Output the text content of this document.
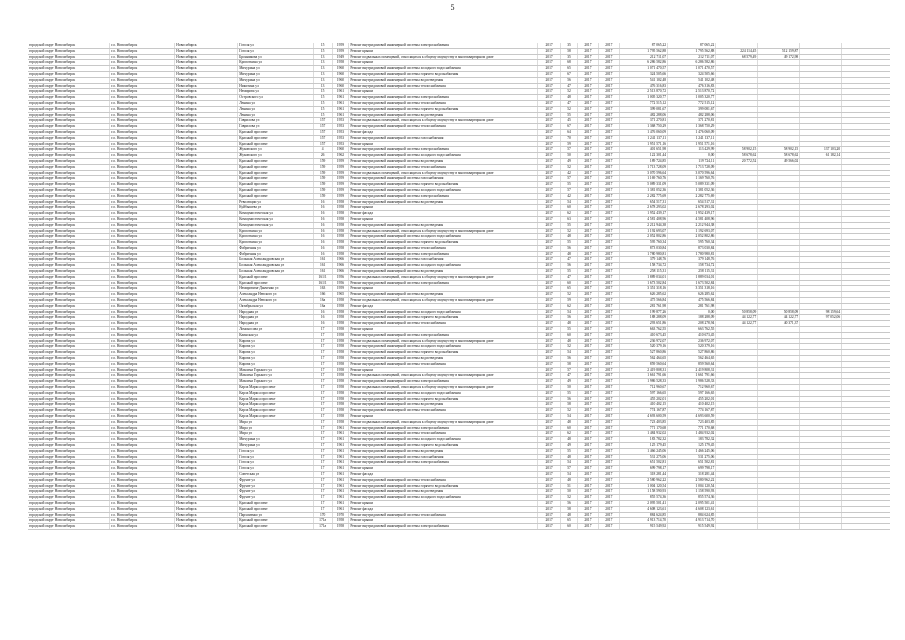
5
городской округ Новосибирск	г.о. Новосибирск	Новосибирск	Гоголя ул	15	1959	Ремонт внутридомовой инженерной системы электроснабжения	2017	35	2017	2017	87 065,22	87 065,22				
городской округ Новосибирск	г.о. Новосибирск	Новосибирск	Гоголя ул	15	1959	Ремонт крыши	2017	58	2017	2017	1 795 562,88	1 795 562,88	224 114,45	512 159,87		
городской округ Новосибирск	г.о. Новосибирск	Новосибирск	Бронникова ул	13	1949	Ремонт подвальных помещений, относящихся к общему имуществу в многоквартирном доме	2017	35	2017	2017	212 711,07	212 711,07	68 579,49	49 172,98		
городской округ Новосибирск	г.о. Новосибирск	Новосибирск	Кропоткина ул	13	1958	Ремонт крыши	2017	68	2017	2017	6 286 582,86	6 286 582,86				
городской округ Новосибирск	г.о. Новосибирск	Новосибирск	Мичурина ул	13	1960	Ремонт внутридомовой инженерной системы холодного водоснабжения	2017	65	2017	2017	1 071 470,57	1 071 470,57				
городской округ Новосибирск	г.о. Новосибирск	Новосибирск	Мичурина ул	13	1960	Ремонт внутридомовой инженерной системы горячего водоснабжения	2017	67	2017	2017	324 505,66	324 505,66				
городской округ Новосибирск	г.о. Новосибирск	Новосибирск	Мичурина ул	13	1960	Ремонт внутридомовой инженерной системы водоотведения	2017	56	2017	2017	541 102,48	541 102,48				
городской округ Новосибирск	г.о. Новосибирск	Новосибирск	Никитина ул	13	1960	Ремонт внутридомовой инженерной системы теплоснабжения	2017	47	2017	2017	476 316,83	476 316,83				
городской округ Новосибирск	г.о. Новосибирск	Новосибирск	Немирова ул	15	1961	Ремонт крыши	2017	52	2017	2017	2 513 870,72	2 513 870,72				
городской округ Новосибирск	г.о. Новосибирск	Новосибирск	Островского ул	15	1961	Ремонт внутридомовой инженерной системы электроснабжения	2017	48	2017	2017	1 005 320,77	1 005 320,77				
городской округ Новосибирск	г.о. Новосибирск	Новосибирск	Ленина ул	15	1961	Ремонт внутридомовой инженерной системы теплоснабжения	2017	47	2017	2017	772 515,12	772 515,12				
городской округ Новосибирск	г.о. Новосибирск	Новосибирск	Ленина ул	15	1961	Ремонт внутридомовой инженерной системы горячего водоснабжения	2017	52	2017	2017	399 081,67	399 081,67				
городской округ Новосибирск	г.о. Новосибирск	Новосибирск	Ленина ул	15	1961	Ремонт внутридомовой инженерной системы водоотведения	2017	55	2017	2017	482 288,06	482 288,06				
городской округ Новосибирск	г.о. Новосибирск	Новосибирск	Гаврилова ул	157	1953	Ремонт подвальных помещений, относящихся к общему имуществу в многоквартирном доме	2017	45	2017	2017	371 270,81	371 270,81				
городской округ Новосибирск	г.о. Новосибирск	Новосибирск	Гаврилова ул	157	1953	Ремонт внутридомовой инженерной системы теплоснабжения	2017	67	2017	2017	1 368 750,29	1 368 750,29				
городской округ Новосибирск	г.о. Новосибирск	Новосибирск	Красный проспект	157	1953	Ремонт фасада	2017	64	2017	2017	1 476 060,09	1 476 060,09				
городской округ Новосибирск	г.о. Новосибирск	Новосибирск	Красный проспект	157	1953	Ремонт внутридомовой инженерной системы газоснабжения	2017	70	2017	2017	1 241 137,11	1 241 137,11				
городской округ Новосибирск	г.о. Новосибирск	Новосибирск	Красный проспект	157	1953	Ремонт крыши	2017	59	2017	2017	1 951 571,16	1 951 571,16				
городской округ Новосибирск	г.о. Новосибирск	Новосибирск	Жуковского ул	4	1960	Ремонт внутридомовой инженерной системы электроснабжения	2017	57	2017	2017	401 651,98	113 429,99	58 902,15	58 902,15	137 103,20	
городской округ Новосибирск	г.о. Новосибирск	Новосибирск	Жуковского ул	26	1962	Ремонт внутридомовой инженерной системы холодного водоснабжения	2017	50	2017	2017	122 301,44	0,00	58 678,62	58 678,62	61 182,14	
городской округ Новосибирск	г.о. Новосибирск	Новосибирск	Красный проспект	159	1959	Ремонт внутридомовой инженерной системы водоотведения	2017	49	2017	2017	189 724,85	119 724,11	20 772,52	49 566,02		
городской округ Новосибирск	г.о. Новосибирск	Новосибирск	Красный проспект	159	1959	Ремонт внутридомовой инженерной системы теплоснабжения	2017	52	2017	2017	1 713 728,09	1 713 728,09				
городской округ Новосибирск	г.о. Новосибирск	Новосибирск	Красный проспект	159	1959	Ремонт подвальных помещений, относящихся к общему имуществу в многоквартирном доме	2017	42	2017	2017	3 070 596,64	3 070 596,64				
городской округ Новосибирск	г.о. Новосибирск	Новосибирск	Красный проспект	159	1959	Ремонт внутридомовой инженерной системы газоснабжения	2017	57	2017	2017	1 169 760,76	1 169 760,76				
городской округ Новосибирск	г.о. Новосибирск	Новосибирск	Красный проспект	159	1959	Ремонт внутридомовой инженерной системы горячего водоснабжения	2017	55	2017	2017	5 089 331,09	5 089 331,09				
городской округ Новосибирск	г.о. Новосибирск	Новосибирск	Красный проспект	159	1959	Ремонт внутридомовой инженерной системы холодного водоснабжения	2017	57	2017	2017	1 381 052,36	1 381 052,36				
городской округ Новосибирск	г.о. Новосибирск	Новосибирск	Красный проспект	159	1959	Ремонт внутридомовой инженерной системы электроснабжения	2017	42	2017	2017	2 282 775,69	2 282 775,69				
городской округ Новосибирск	г.о. Новосибирск	Новосибирск	Революции ул	16	1958	Ремонт внутридомовой инженерной системы водоотведения	2017	54	2017	2017	654 517,31	654 517,31				
городской округ Новосибирск	г.о. Новосибирск	Новосибирск	Куйбышева ул	16	1958	Ремонт крыши	2017	60	2017	2017	2 678 293,02	2 678 293,02				
городской округ Новосибирск	г.о. Новосибирск	Новосибирск	Коммунистическая ул	16	1958	Ремонт фасада	2017	62	2017	2017	1 952 439,17	1 952 439,17				
городской округ Новосибирск	г.о. Новосибирск	Новосибирск	Коммунистическая ул	16	1958	Ремонт крыши	2017	63	2017	2017	4 581 408,96	4 581 408,96				
городской округ Новосибирск	г.о. Новосибирск	Новосибирск	Коммунистическая ул	16	1958	Ремонт внутридомовой инженерной системы водоотведения	2017	55	2017	2017	2 212 944,38	2 212 944,38				
городской округ Новосибирск	г.о. Новосибирск	Новосибирск	Кропоткина ул	16	1958	Ремонт подвальных помещений, относящихся к общему имуществу в многоквартирном доме	2017	52	2017	2017	1 192 693,07	1 192 693,07				
городской округ Новосибирск	г.о. Новосибирск	Новосибирск	Кропоткина ул	16	1958	Ремонт внутридомовой инженерной системы холодного водоснабжения	2017	48	2017	2017	2 052 802,86	2 052 802,86				
городской округ Новосибирск	г.о. Новосибирск	Новосибирск	Кропоткина ул	16	1958	Ремонт внутридомовой инженерной системы горячего водоснабжения	2017	55	2017	2017	595 760,34	595 760,34				
городской округ Новосибирск	г.о. Новосибирск	Новосибирск	Фабричная ул	16	1958	Ремонт внутридомовой инженерной системы теплоснабжения	2017	56	2017	2017	873 030,84	873 030,84				
городской округ Новосибирск	г.о. Новосибирск	Новосибирск	Фабричная ул	16	1958	Ремонт внутридомовой инженерной системы электроснабжения	2017	48	2017	2017	1 780 980,81	1 780 980,81				
городской округ Новосибирск	г.о. Новосибирск	Новосибирск	Большая Александровская ул	161	1966	Ремонт внутридомовой инженерной системы газоснабжения	2017	47	2017	2017	379 148,76	379 148,76				
городской округ Новосибирск	г.о. Новосибирск	Новосибирск	Большая Александровская ул	161	1966	Ремонт внутридомовой инженерной системы холодного водоснабжения	2017	56	2017	2017	158 734,72	158 734,72				
городской округ Новосибирск	г.о. Новосибирск	Новосибирск	Большая Александровская ул	161	1966	Ремонт внутридомовой инженерной системы водоотведения	2017	55	2017	2017	258 115,31	258 115,31				
городской округ Новосибирск	г.о. Новосибирск	Новосибирск	Красный проспект	161/1	1956	Ремонт подвальных помещений, относящихся к общему имуществу в многоквартирном доме	2017	47	2017	2017	1 889 034,01	1 889 034,01				
городской округ Новосибирск	г.о. Новосибирск	Новосибирск	Красный проспект	161/1	1956	Ремонт внутридомовой инженерной системы электроснабжения	2017	60	2017	2017	1 673 502,84	1 673 502,84				
городской округ Новосибирск	г.о. Новосибирск	Новосибирск	Немировича-Данченко ул	163	1959	Ремонт крыши	2017	65	2017	2017	3 351 318,16	3 351 318,16				
городской округ Новосибирск	г.о. Новосибирск	Новосибирск	Александра Невского ул	166	1965	Ремонт внутридомовой инженерной системы водоотведения	2017	52	2017	2017	626 285,62	626 285,62				
городской округ Новосибирск	г.о. Новосибирск	Новосибирск	Александра Невского ул	16а	1958	Ремонт подвальных помещений, относящихся к общему имуществу в многоквартирном доме	2017	59	2017	2017	475 566,84	475 566,84				
городской округ Новосибирск	г.о. Новосибирск	Новосибирск	Октябрьская ул	16а	1958	Ремонт фасада	2017	62	2017	2017	281 761,98	281 761,98				
городской округ Новосибирск	г.о. Новосибирск	Новосибирск	Народная ул	16	1958	Ремонт внутридомовой инженерной системы холодного водоснабжения	2017	54	2017	2017	199 877,26	0,00	50 858,09	50 858,09	98 159,64	
городской округ Новосибирск	г.о. Новосибирск	Новосибирск	Народная ул	16	1958	Ремонт внутридомовой инженерной системы горячего водоснабжения	2017	56	2017	2017	188 288,09	188 288,09	44 122,77	44 122,77	97 052,06	
городской округ Новосибирск	г.о. Новосибирск	Новосибирск	Народная ул	16	1958	Ремонт внутридомовой инженерной системы теплоснабжения	2017	48	2017	2017	293 651,86	208 278,94	44 122,77	40 371,37		
городской округ Новосибирск	г.о. Новосибирск	Новосибирск	Ломоносова ул	17	1958	Ремонт крыши	2017	55	2017	2017	663 762,55	663 762,55				
городской округ Новосибирск	г.о. Новосибирск	Новосибирск	Каинская ул	17	1958	Ремонт внутридомовой инженерной системы электроснабжения	2017	60	2017	2017	410 673,45	410 673,45				
городской округ Новосибирск	г.о. Новосибирск	Новосибирск	Кирова ул	17	1958	Ремонт подвальных помещений, относящихся к общему имуществу в многоквартирном доме	2017	48	2017	2017	236 972,07	236 972,07				
городской округ Новосибирск	г.о. Новосибирск	Новосибирск	Кирова ул	17	1958	Ремонт внутридомовой инженерной системы холодного водоснабжения	2017	52	2017	2017	520 379,16	520 379,16				
городской округ Новосибирск	г.о. Новосибирск	Новосибирск	Кирова ул	17	1958	Ремонт внутридомовой инженерной системы горячего водоснабжения	2017	54	2017	2017	527 860,86	527 860,86				
городской округ Новосибирск	г.о. Новосибирск	Новосибирск	Кирова ул	17	1958	Ремонт внутридомовой инженерной системы водоотведения	2017	56	2017	2017	562 464,65	562 464,65				
городской округ Новосибирск	г.о. Новосибирск	Новосибирск	Кирова ул	17	1958	Ремонт внутридомовой инженерной системы теплоснабжения	2017	58	2017	2017	859 560,64	859 560,64				
городской округ Новосибирск	г.о. Новосибирск	Новосибирск	Максима Горького ул	17	1958	Ремонт крыши	2017	57	2017	2017	2 419 808,31	2 419 808,31				
городской округ Новосибирск	г.о. Новосибирск	Новосибирск	Максима Горького ул	17	1958	Ремонт подвальных помещений, относящихся к общему имуществу в многоквартирном доме	2017	47	2017	2017	1 661 791,66	1 661 791,66				
городской округ Новосибирск	г.о. Новосибирск	Новосибирск	Максима Горького ул	17	1958	Ремонт внутридомовой инженерной системы электроснабжения	2017	49	2017	2017	1 986 528,33	1 986 528,33				
городской округ Новосибирск	г.о. Новосибирск	Новосибирск	Карла Маркса проспект	17	1958	Ремонт подвальных помещений, относящихся к общему имуществу в многоквартирном доме	2017	50	2017	2017	712 960,67	712 960,67				
городской округ Новосибирск	г.о. Новосибирск	Новосибирск	Карла Маркса проспект	17	1958	Ремонт внутридомовой инженерной системы холодного водоснабжения	2017	55	2017	2017	597 166,65	597 166,65				
городской округ Новосибирск	г.о. Новосибирск	Новосибирск	Карла Маркса проспект	17	1958	Ремонт внутридомовой инженерной системы горячего водоснабжения	2017	56	2017	2017	455 202,01	455 202,01				
городской округ Новосибирск	г.о. Новосибирск	Новосибирск	Карла Маркса проспект	17	1958	Ремонт внутридомовой инженерной системы водоотведения	2017	58	2017	2017	410 402,15	410 402,15				
городской округ Новосибирск	г.о. Новосибирск	Новосибирск	Карла Маркса проспект	17	1958	Ремонт внутридомовой инженерной системы теплоснабжения	2017	52	2017	2017	774 167,87	774 167,87				
городской округ Новосибирск	г.о. Новосибирск	Новосибирск	Карла Маркса проспект	17	1958	Ремонт крыши	2017	54	2017	2017	4 693 600,59	4 693 600,59				
городской округ Новосибирск	г.о. Новосибирск	Новосибирск	Мира ул	17	1958	Ремонт подвальных помещений, относящихся к общему имуществу в многоквартирном доме	2017	48	2017	2017	723 403,85	723 403,85				
городской округ Новосибирск	г.о. Новосибирск	Новосибирск	Мира ул	17	1961	Ремонт внутридомовой инженерной системы электроснабжения	2017	60	2017	2017	771 170,68	771 170,68				
городской округ Новосибирск	г.о. Новосибирск	Новосибирск	Мира ул	17	1961	Ремонт внутридомовой инженерной системы теплоснабжения	2017	62	2017	2017	1 484 932,02	1 484 932,02				
городской округ Новосибирск	г.о. Новосибирск	Новосибирск	Мичурина ул	17	1961	Ремонт внутридомовой инженерной системы холодного водоснабжения	2017	48	2017	2017	183 782,32	183 782,32				
городской округ Новосибирск	г.о. Новосибирск	Новосибирск	Мичурина ул	17	1961	Ремонт внутридомовой инженерной системы горячего водоснабжения	2017	49	2017	2017	125 179,45	125 179,45				
городской округ Новосибирск	г.о. Новосибирск	Новосибирск	Гоголя ул	17	1961	Ремонт внутридомовой инженерной системы водоотведения	2017	55	2017	2017	1 466 245,06	1 466 245,06				
городской округ Новосибирск	г.о. Новосибирск	Новосибирск	Гоголя ул	17	1961	Ремонт внутридомовой инженерной системы газоснабжения	2017	48	2017	2017	531 275,06	531 275,06				
городской округ Новосибирск	г.о. Новосибирск	Новосибирск	Гоголя ул	17	1961	Ремонт внутридомовой инженерной системы электроснабжения	2017	54	2017	2017	651 502,81	651 502,81				
городской округ Новосибирск	г.о. Новосибирск	Новосибирск	Гоголя ул	17	1961	Ремонт крыши	2017	57	2017	2017	699 798,17	699 798,17				
городской округ Новосибирск	г.о. Новосибирск	Новосибирск	Советская ул	17	1961	Ремонт фасада	2017	54	2017	2017	318 281,44	318 281,44				
городской округ Новосибирск	г.о. Новосибирск	Новосибирск	Фрунзе ул	17	1961	Ремонт внутридомовой инженерной системы теплоснабжения	2017	48	2017	2017	2 580 962,22	2 580 962,22				
городской округ Новосибирск	г.о. Новосибирск	Новосибирск	Фрунзе ул	17	1961	Ремонт внутридомовой инженерной системы горячего водоснабжения	2017	51	2017	2017	1 004 120,54	1 004 120,54				
городской округ Новосибирск	г.о. Новосибирск	Новосибирск	Фрунзе ул	17	1961	Ремонт внутридомовой инженерной системы водоотведения	2017	50	2017	2017	1 158 590,93	1 158 590,93				
городской округ Новосибирск	г.о. Новосибирск	Новосибирск	Фрунзе ул	17	1961	Ремонт внутридомовой инженерной системы холодного водоснабжения	2017	52	2017	2017	855 574,36	855 574,36				
городской округ Новосибирск	г.о. Новосибирск	Новосибирск	Красный проспект	17	1961	Ремонт крыши	2017	56	2017	2017	2 095 501,41	2 095 501,41				
городской округ Новосибирск	г.о. Новосибирск	Новосибирск	Красный проспект	17	1961	Ремонт фасада	2017	58	2017	2017	4 608 123,61	4 608 123,61				
городской округ Новосибирск	г.о. Новосибирск	Новосибирск	Пархоменко ул	170	1970	Ремонт внутридомовой инженерной системы теплоснабжения	2017	48	2017	2017	884 624,85	884 624,85				
городской округ Новосибирск	г.о. Новосибирск	Новосибирск	Красный проспект	171а	1958	Ремонт крыши	2017	65	2017	2017	4 913 714,70	4 913 714,70				
городской округ Новосибирск	г.о. Новосибирск	Новосибирск	Красный проспект	171а	1958	Ремонт внутридомовой инженерной системы электроснабжения	2017	60	2017	2017	915 549,92	915 549,92				
